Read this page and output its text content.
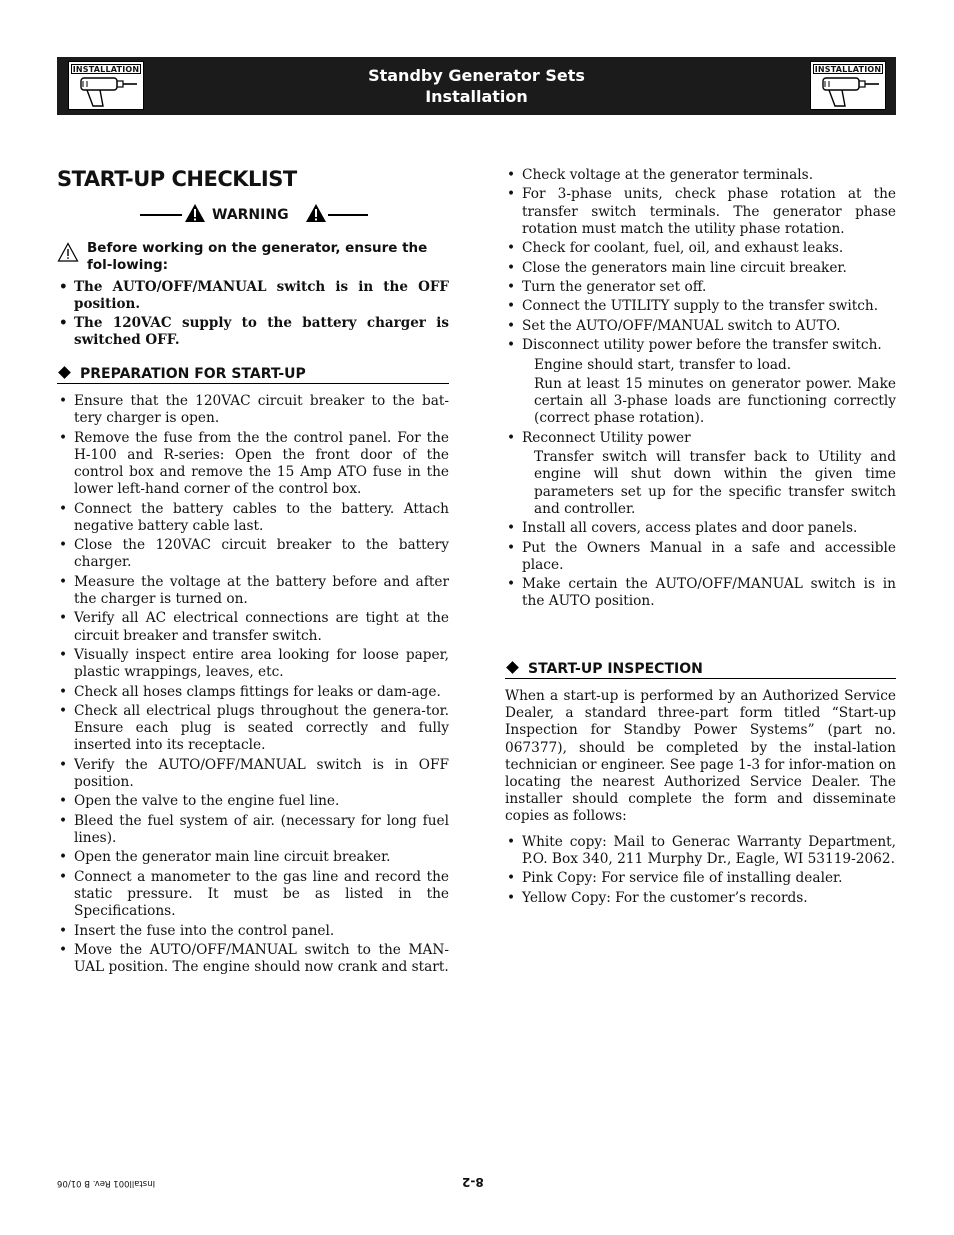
INSTALLATION	Standby Generator Sets
Installation
INSTALLATION
START-UP CHECKLIST
WARNING
Before working on the generator, ensure the fol-lowing:
• The AUTO/OFF/MANUAL switch is in the OFF position.
• The 120VAC supply to the battery charger is switched OFF.
PREPARATION FOR START-UP
• Ensure that the 120VAC circuit breaker to the bat-tery charger is open.
• Remove the fuse from the the control panel. For the H-100 and R-series: Open the front door of the control box and remove the 15 Amp ATO fuse in the lower left-hand corner of the control box.
• Connect the battery cables to the battery. Attach negative battery cable last.
• Close the 120VAC circuit breaker to the battery charger.
• Measure the voltage at the battery before and after the charger is turned on.
• Verify all AC electrical connections are tight at the circuit breaker and transfer switch.
• Visually inspect entire area looking for loose paper, plastic wrappings, leaves, etc.
• Check all hoses clamps fittings for leaks or dam-age.
• Check all electrical plugs throughout the genera-tor. Ensure each plug is seated correctly and fully inserted into its receptacle.
• Verify the AUTO/OFF/MANUAL switch is in OFF position.
• Open the valve to the engine fuel line.
• Bleed the fuel system of air. (necessary for long fuel lines).
• Open the generator main line circuit breaker.
• Connect a manometer to the gas line and record the static pressure. It must be as listed in the Specifications.
• Insert the fuse into the control panel.
• Move the AUTO/OFF/MANUAL switch to the MAN-UAL position. The engine should now crank and start.
• Check voltage at the generator terminals.
• For 3-phase units, check phase rotation at the transfer switch terminals. The generator phase rotation must match the utility phase rotation.
• Check for coolant, fuel, oil, and exhaust leaks.
• Close the generators main line circuit breaker.
• Turn the generator set off.
• Connect the UTILITY supply to the transfer switch.
• Set the AUTO/OFF/MANUAL switch to AUTO.
• Disconnect utility power before the transfer switch.
Engine should start, transfer to load.
Run at least 15 minutes on generator power. Make certain all 3-phase loads are functioning correctly (correct phase rotation).
• Reconnect Utility power
Transfer switch will transfer back to Utility and engine will shut down within the given time parameters set up for the specific transfer switch and controller.
• Install all covers, access plates and door panels.
• Put the Owners Manual in a safe and accessible place.
• Make certain the AUTO/OFF/MANUAL switch is in the AUTO position.
START-UP INSPECTION
When a start-up is performed by an Authorized Service Dealer, a standard three-part form titled “Start-up Inspection for Standby Power Systems” (part no. 067377), should be completed by the instal-lation technician or engineer. See page 1-3 for infor-mation on locating the nearest Authorized Service Dealer. The installer should complete the form and disseminate copies as follows:
• White copy: Mail to Generac Warranty Department, P.O. Box 340, 211 Murphy Dr., Eagle, WI 53119-2062.
• Pink Copy: For service file of installing dealer.
• Yellow Copy: For the customer’s records.
Install001 Rev. B 01/06	8-2
